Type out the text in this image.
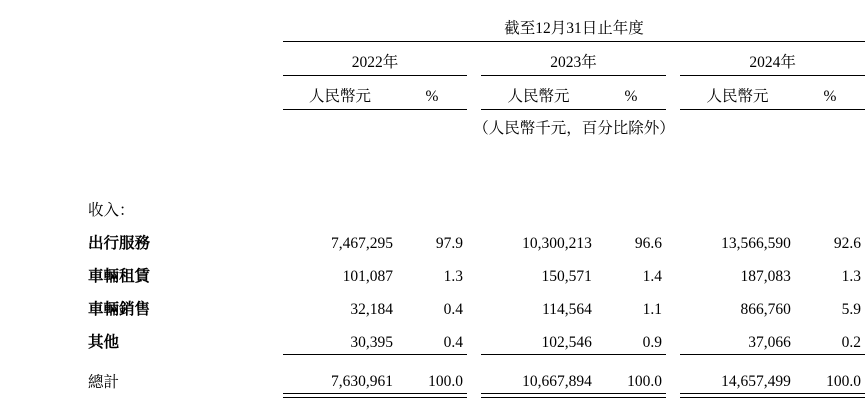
		截至12月31日止年度							

		2022年			2023年			2024年	

		人民幣元	%		人民幣元	%		人民幣元	%

		（人民幣千元，百分比除外）							

收入：									
出行服務		7,467,295	97.9		10,300,213	96.6		13,566,590	92.6
車輛租賃		101,087	1.3		150,571	1.4		187,083	1.3
車輛銷售		32,184	0.4		114,564	1.1		866,760	5.9
其他		30,395	0.4		102,546	0.9		37,066	0.2

總計		7,630,961	100.0		10,667,894	100.0		14,657,499	100.0
